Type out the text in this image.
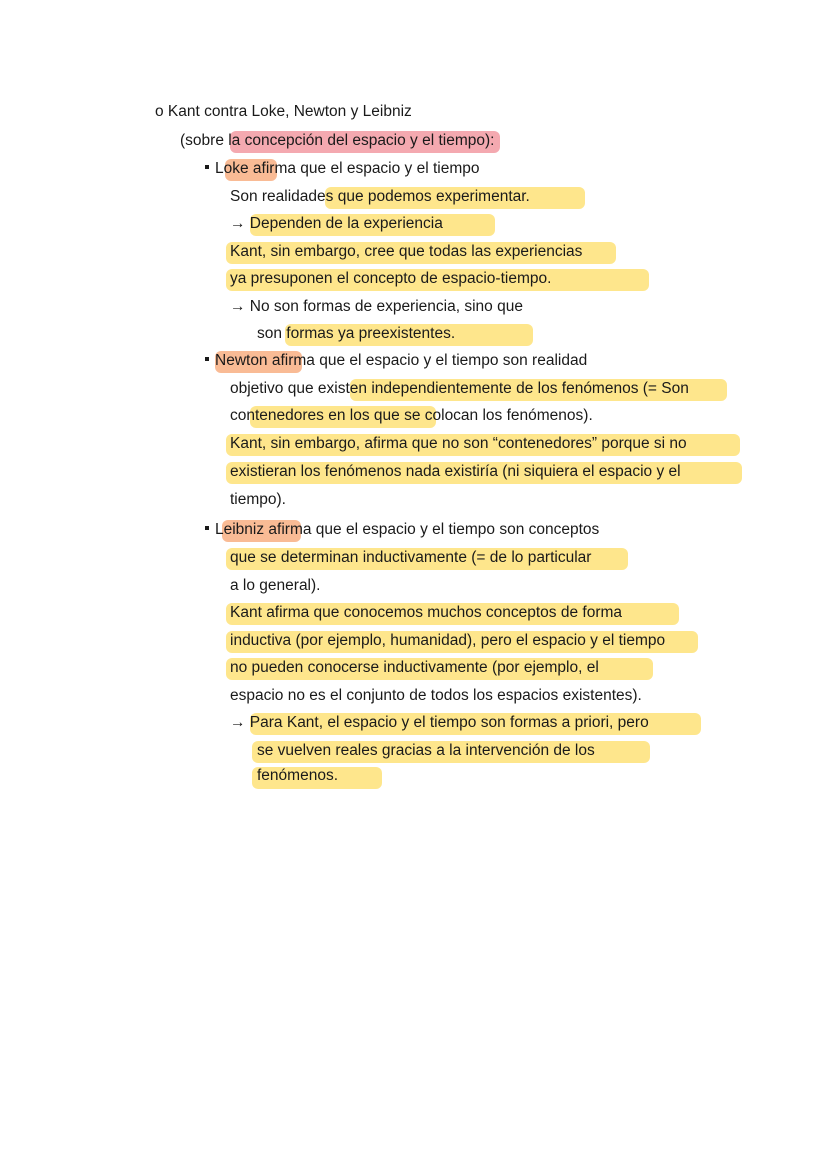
o Kant contra Loke, Newton y Leibniz
(sobre la concepción del espacio y el tiempo):
Loke afirma que el espacio y el tiempo
Son realidades que podemos experimentar.
→ Dependen de la experiencia
Kant, sin embargo, cree que todas las experiencias
ya presuponen el concepto de espacio-tiempo.
→ No son formas de experiencia, sino que
son formas ya preexistentes.
Newton afirma que el espacio y el tiempo son realidad
objetivo que existen independientemente de los fenómenos (= Son
contenedores en los que se colocan los fenómenos).
Kant, sin embargo, afirma que no son “contenedores” porque si no
existieran los fenómenos nada existiría (ni siquiera el espacio y el
tiempo).
Leibniz afirma que el espacio y el tiempo son conceptos
que se determinan inductivamente (= de lo particular
a lo general).
Kant afirma que conocemos muchos conceptos de forma
inductiva (por ejemplo, humanidad), pero el espacio y el tiempo
no pueden conocerse inductivamente (por ejemplo, el
espacio no es el conjunto de todos los espacios existentes).
→ Para Kant, el espacio y el tiempo son formas a priori, pero
se vuelven reales gracias a la intervención de los
fenómenos.
